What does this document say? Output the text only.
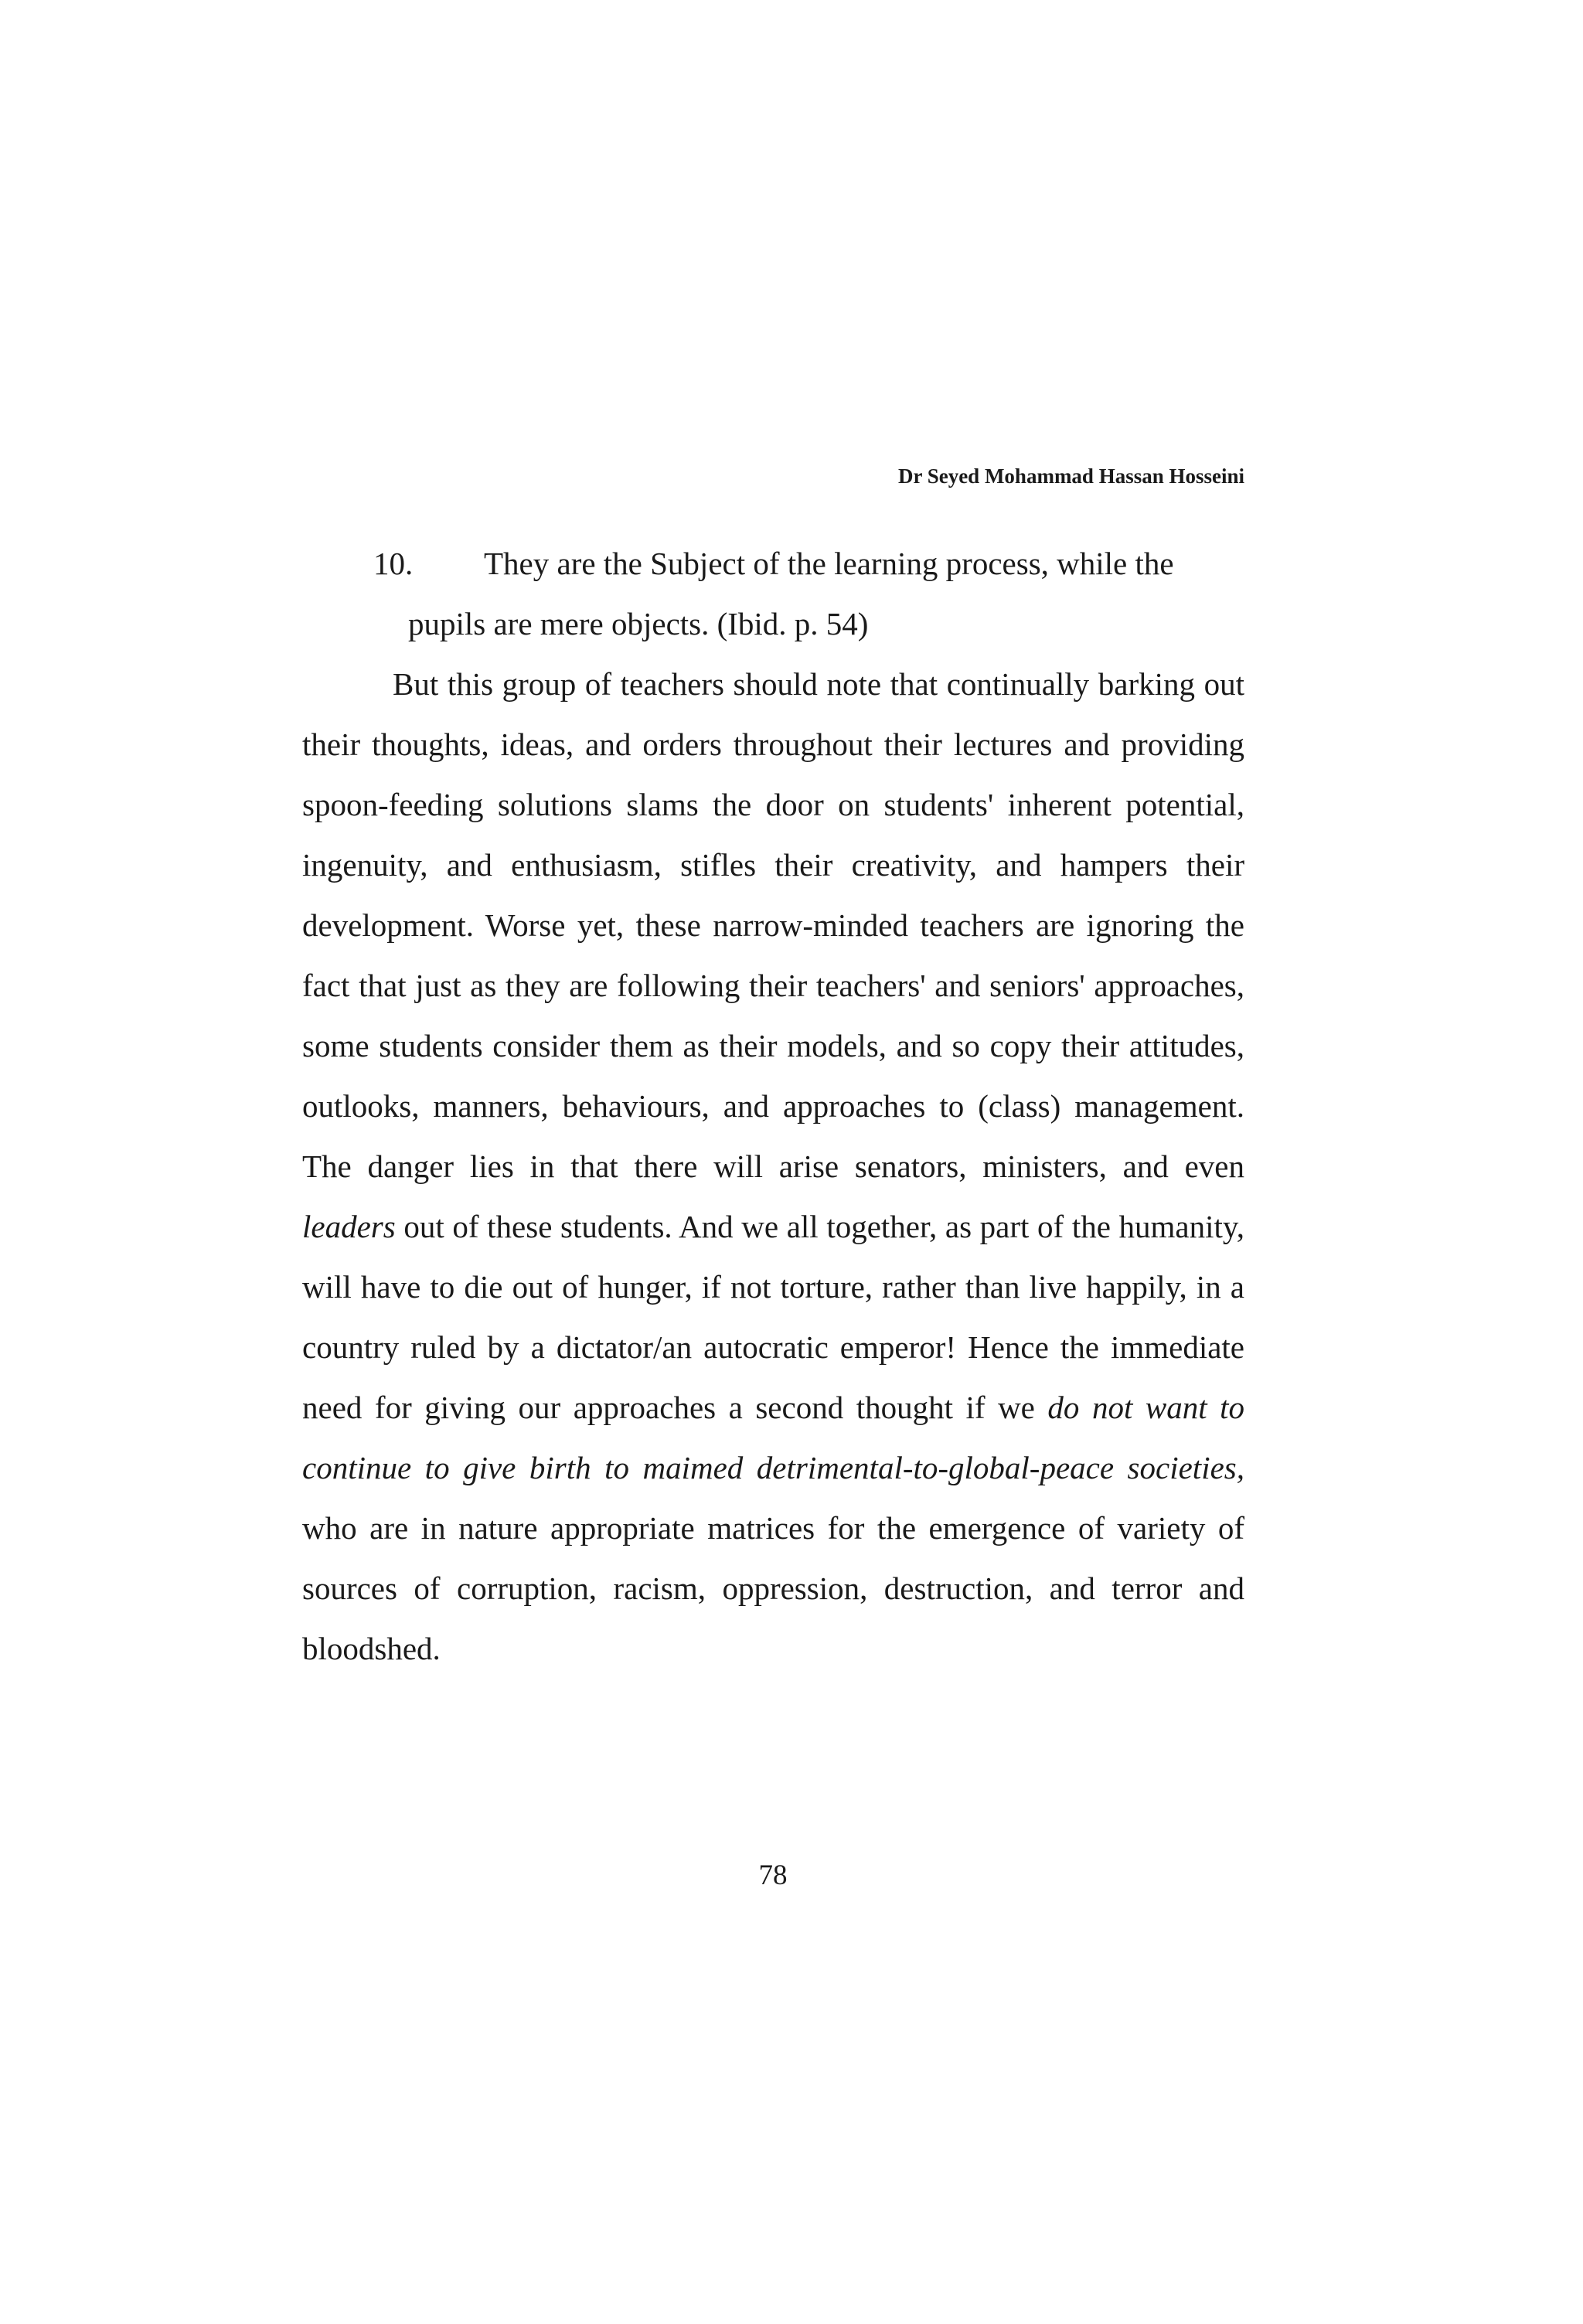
Dr Seyed Mohammad Hassan Hosseini
10.	They are the Subject of the learning process, while the
pupils are mere objects. (Ibid. p. 54)

But this group of teachers should note that continually barking out their thoughts, ideas, and orders throughout their lectures and providing spoon-feeding solutions slams the door on students' inherent potential, ingenuity, and enthusiasm, stifles their creativity, and hampers their development. Worse yet, these narrow-minded teachers are ignoring the fact that just as they are following their teachers' and seniors' approaches, some students consider them as their models, and so copy their attitudes, outlooks, manners, behaviours, and approaches to (class) management. The danger lies in that there will arise senators, ministers, and even leaders out of these students. And we all together, as part of the humanity, will have to die out of hunger, if not torture, rather than live happily, in a country ruled by a dictator/an autocratic emperor! Hence the immediate need for giving our approaches a second thought if we do not want to continue to give birth to maimed detrimental-to-global-peace societies, who are in nature appropriate matrices for the emergence of variety of sources of corruption, racism, oppression, destruction, and terror and bloodshed.

78
